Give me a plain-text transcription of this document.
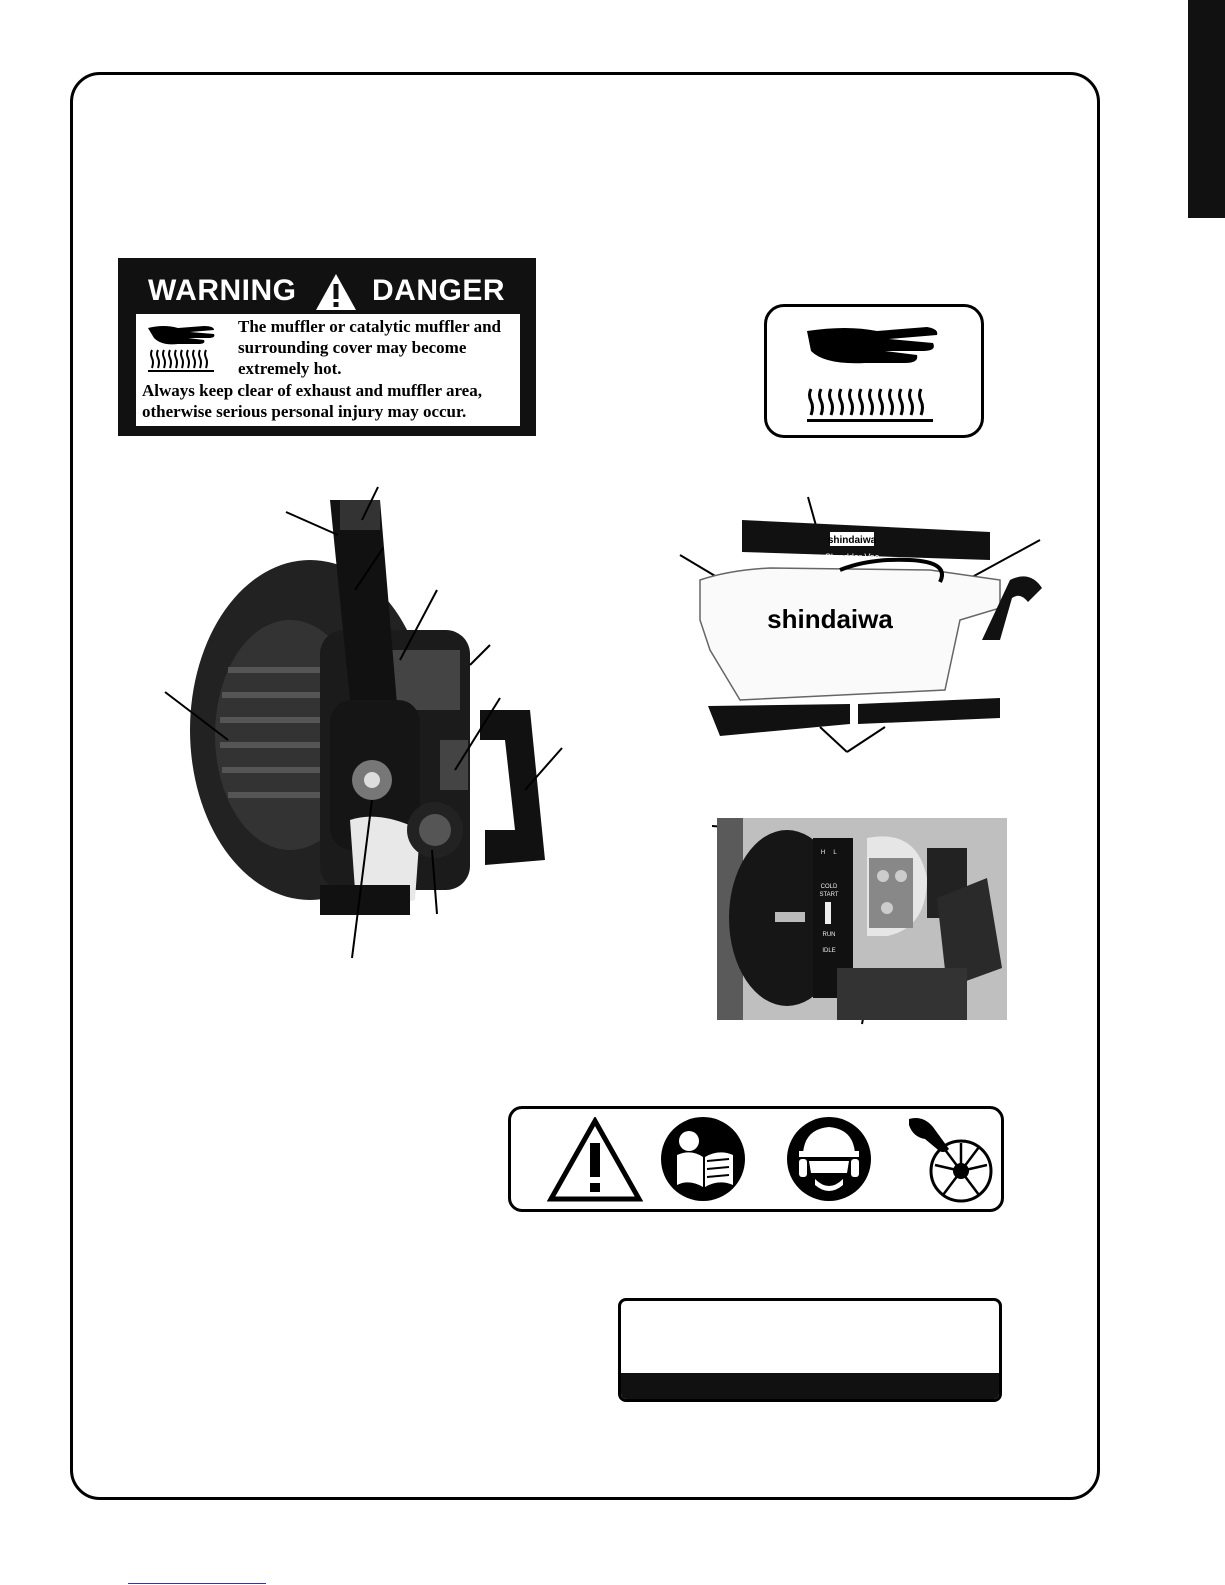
WARNING	DANGER
The muffler or catalytic muffler and surrounding cover may become extremely hot.
Always keep clear of exhaust and muffler area, otherwise serious personal injury may occur.
shindaiwa
Shredder Vac
shindaiwa
H L
COLD
START
RUN
IDLE
